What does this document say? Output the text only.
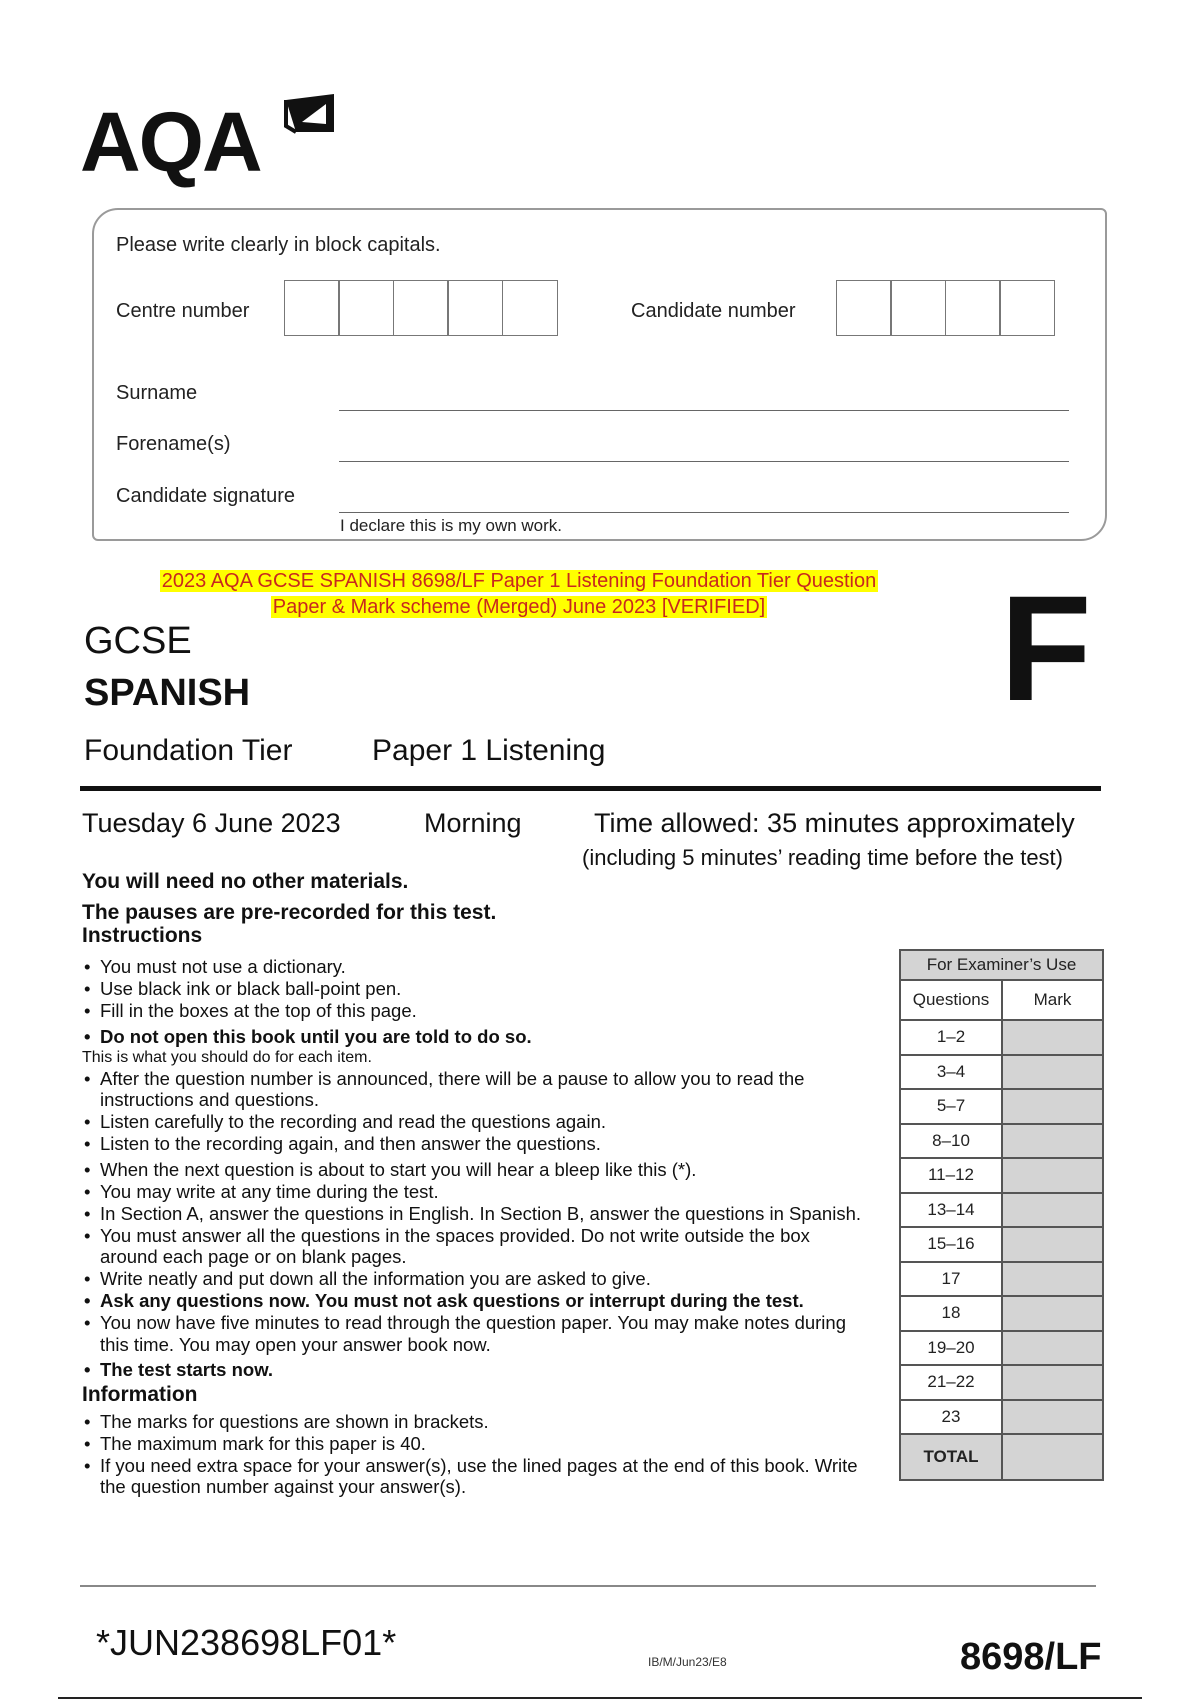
AQA
Please write clearly in block capitals.
Centre number	Candidate number
Surname
Forename(s)
Candidate signature
I declare this is my own work.
2023 AQA GCSE SPANISH 8698/LF Paper 1 Listening Foundation Tier Question
Paper & Mark scheme (Merged) June 2023 [VERIFIED]	F
GCSE
SPANISH
Foundation Tier	Paper 1 Listening
Tuesday 6 June 2023	Morning	Time allowed: 35 minutes approximately
(including 5 minutes’ reading time before the test)
You will need no other materials.
The pauses are pre-recorded for this test.
Instructions
• You must not use a dictionary.
• Use black ink or black ball-point pen.
• Fill in the boxes at the top of this page.
• Do not open this book until you are told to do so.
This is what you should do for each item.
• After the question number is announced, there will be a pause to allow you to read the instructions and questions.
• Listen carefully to the recording and read the questions again.
• Listen to the recording again, and then answer the questions.
• When the next question is about to start you will hear a bleep like this (*).
• You may write at any time during the test.
• In Section A, answer the questions in English. In Section B, answer the questions in Spanish.
• You must answer all the questions in the spaces provided. Do not write outside the box around each page or on blank pages.
• Write neatly and put down all the information you are asked to give.
• Ask any questions now. You must not ask questions or interrupt during the test.
• You now have five minutes to read through the question paper. You may make notes during this time. You may open your answer book now.
• The test starts now.
Information
• The marks for questions are shown in brackets.
• The maximum mark for this paper is 40.
• If you need extra space for your answer(s), use the lined pages at the end of this book. Write the question number against your answer(s).
For Examiner’s Use	
Questions	Mark
1–2	
3–4	
5–7	
8–10	
11–12	
13–14	
15–16	
17	
18	
19–20	
21–22	
23	
TOTAL	
*JUN238698LF01*	IB/M/Jun23/E8	8698/LF
